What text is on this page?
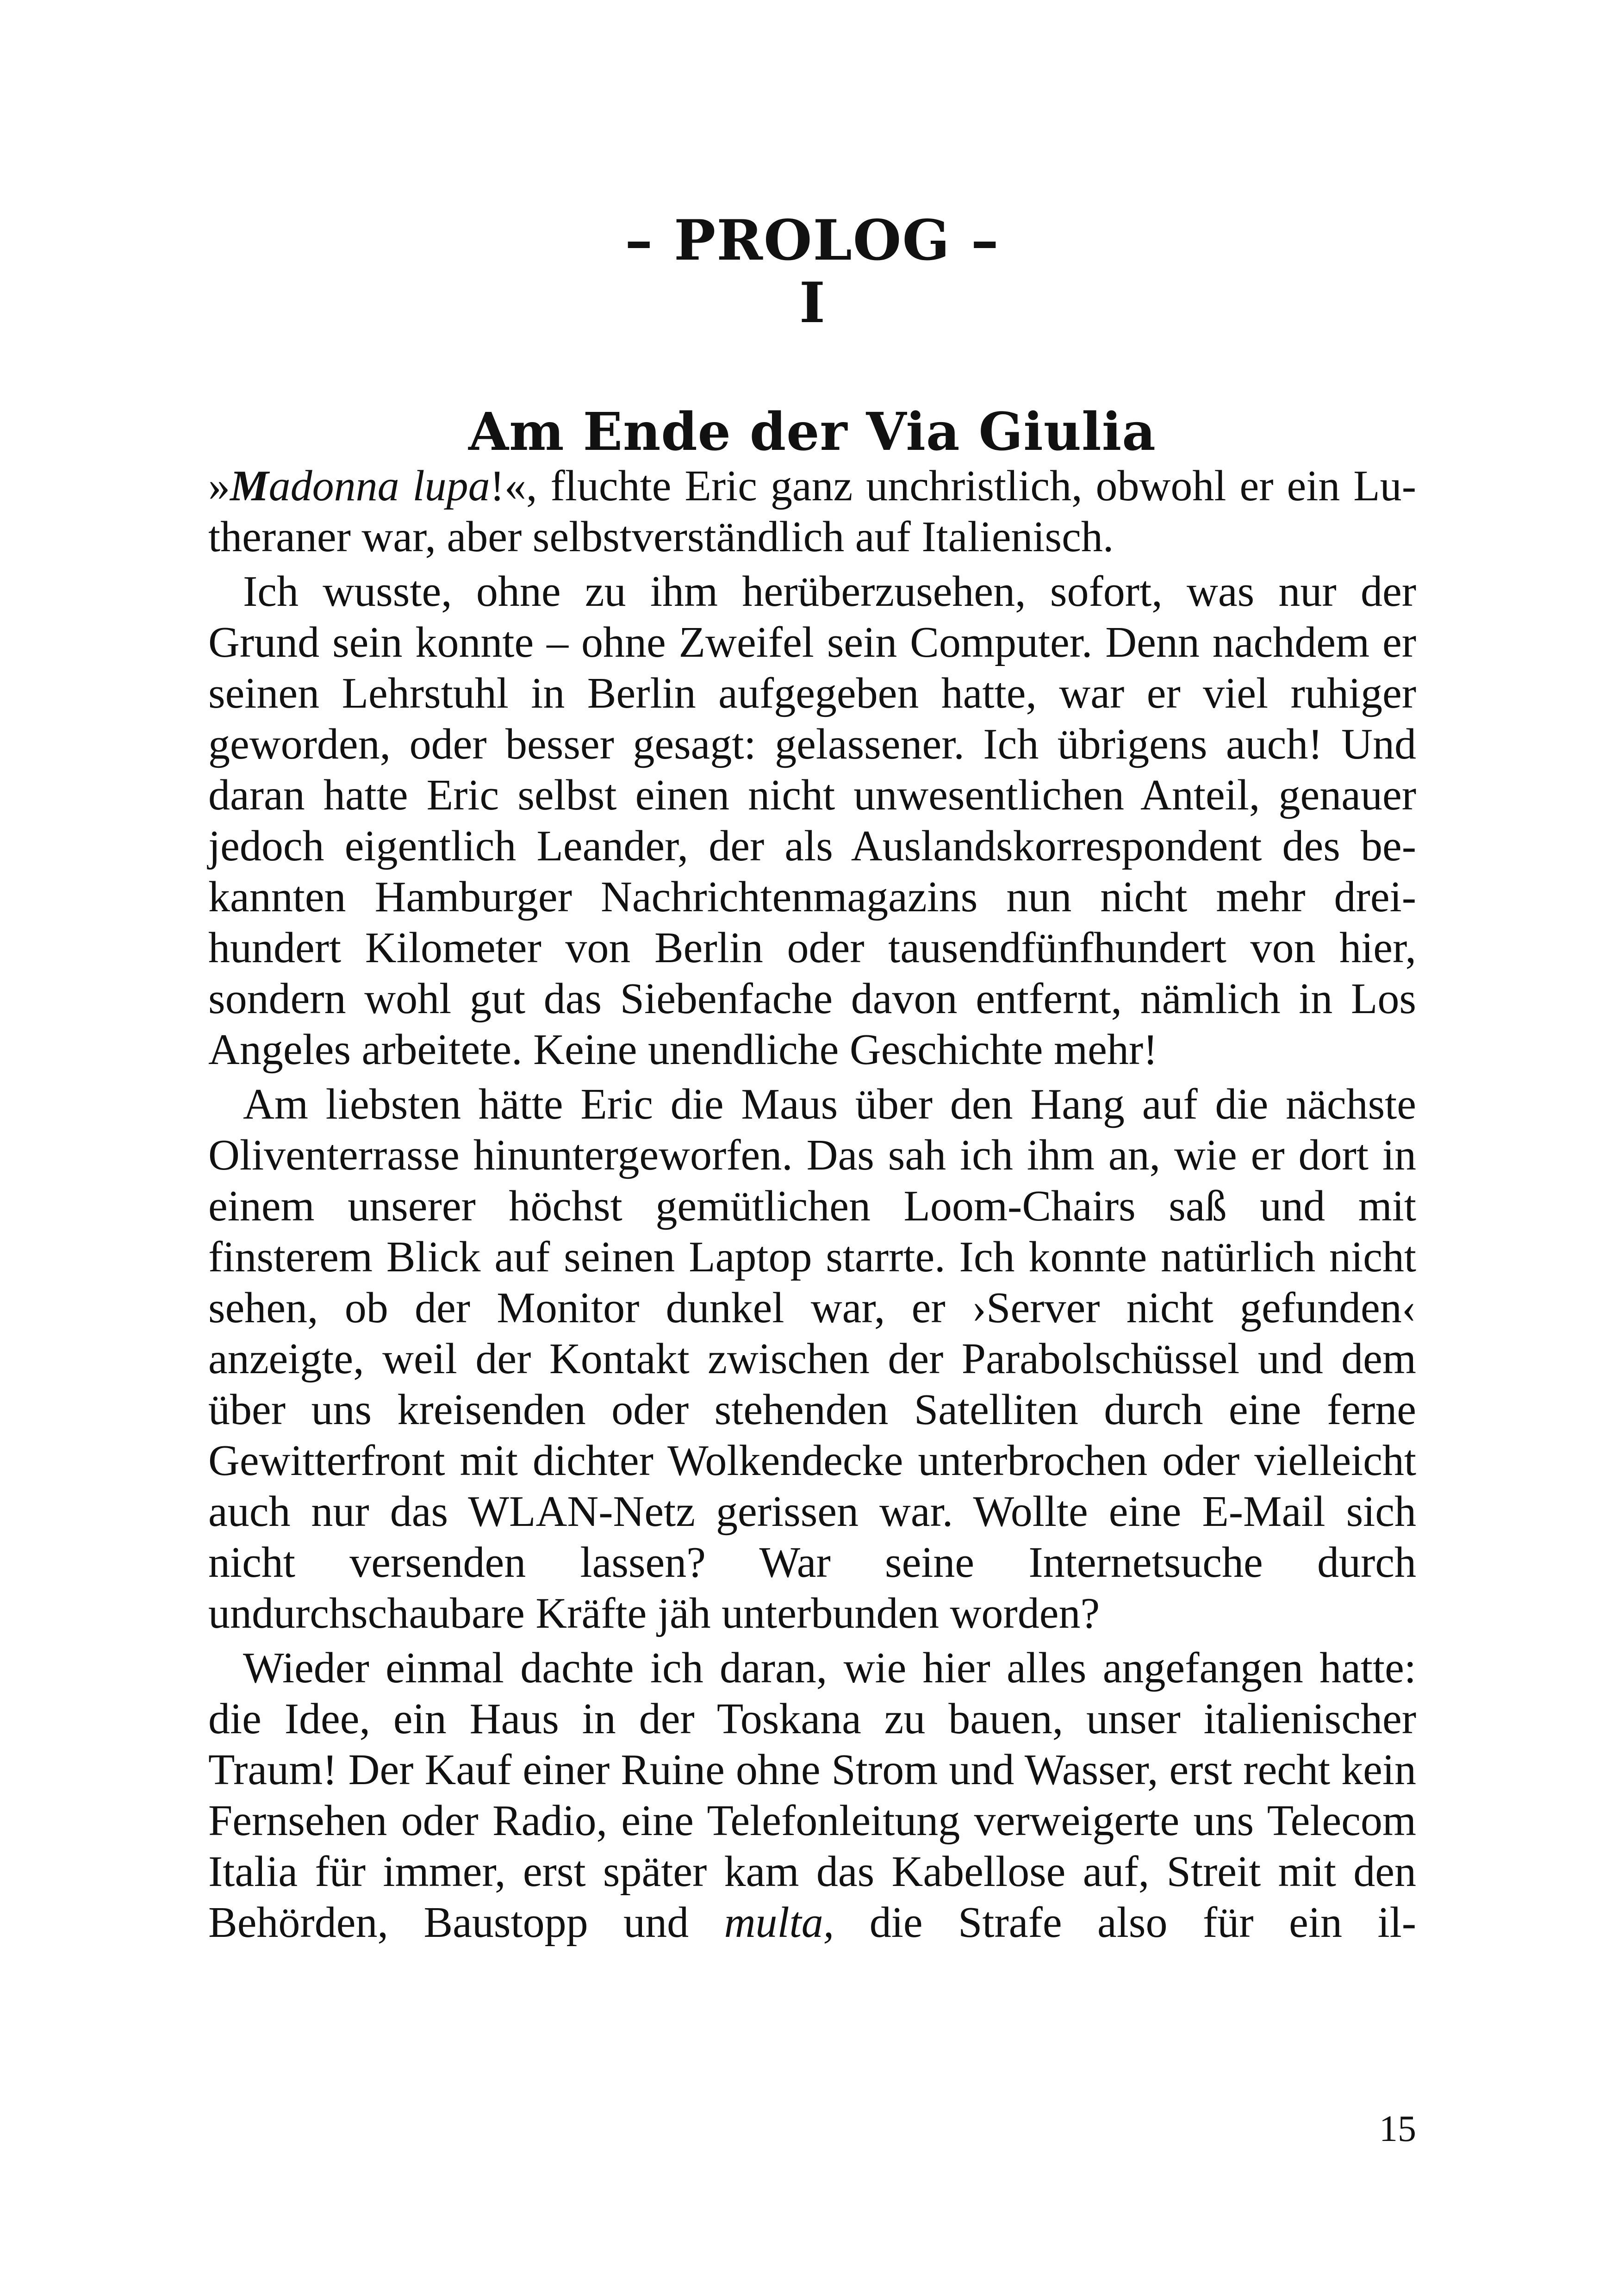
– PROLOG –
I
Am Ende der Via Giulia

»Madonna lupa!«, fluchte Eric ganz unchristlich, obwohl er ein Lutheraner war, aber selbstverständlich auf Italienisch.

Ich wusste, ohne zu ihm herüberzusehen, sofort, was nur der Grund sein konnte – ohne Zweifel sein Computer. Denn nachdem er seinen Lehrstuhl in Berlin aufgegeben hatte, war er viel ruhiger geworden, oder besser gesagt: gelassener. Ich übrigens auch! Und daran hatte Eric selbst einen nicht unwesentlichen Anteil, genauer jedoch eigentlich Leander, der als Auslandskorrespondent des bekannten Hamburger Nachrichtenmagazins nun nicht mehr dreihundert Kilometer von Berlin oder tausendfünfhundert von hier, sondern wohl gut das Siebenfache davon entfernt, nämlich in Los Angeles arbeitete. Keine unendliche Geschichte mehr!

Am liebsten hätte Eric die Maus über den Hang auf die nächste Oliventerrasse hinuntergeworfen. Das sah ich ihm an, wie er dort in einem unserer höchst gemütlichen Loom-Chairs saß und mit finsterem Blick auf seinen Laptop starrte. Ich konnte natürlich nicht sehen, ob der Monitor dunkel war, er ›Server nicht gefunden‹ anzeigte, weil der Kontakt zwischen der Parabolschüssel und dem über uns kreisenden oder stehenden Satelliten durch eine ferne Gewitterfront mit dichter Wolkendecke unterbrochen oder vielleicht auch nur das WLAN-Netz gerissen war. Wollte eine E-Mail sich nicht versenden lassen? War seine Internetsuche durch undurchschaubare Kräfte jäh unterbunden worden?

Wieder einmal dachte ich daran, wie hier alles angefangen hatte: die Idee, ein Haus in der Toskana zu bauen, unser italienischer Traum! Der Kauf einer Ruine ohne Strom und Wasser, erst recht kein Fernsehen oder Radio, eine Telefonleitung verweigerte uns Telecom Italia für immer, erst später kam das Kabellose auf, Streit mit den Behörden, Baustopp und multa, die Strafe also für ein il-

15
